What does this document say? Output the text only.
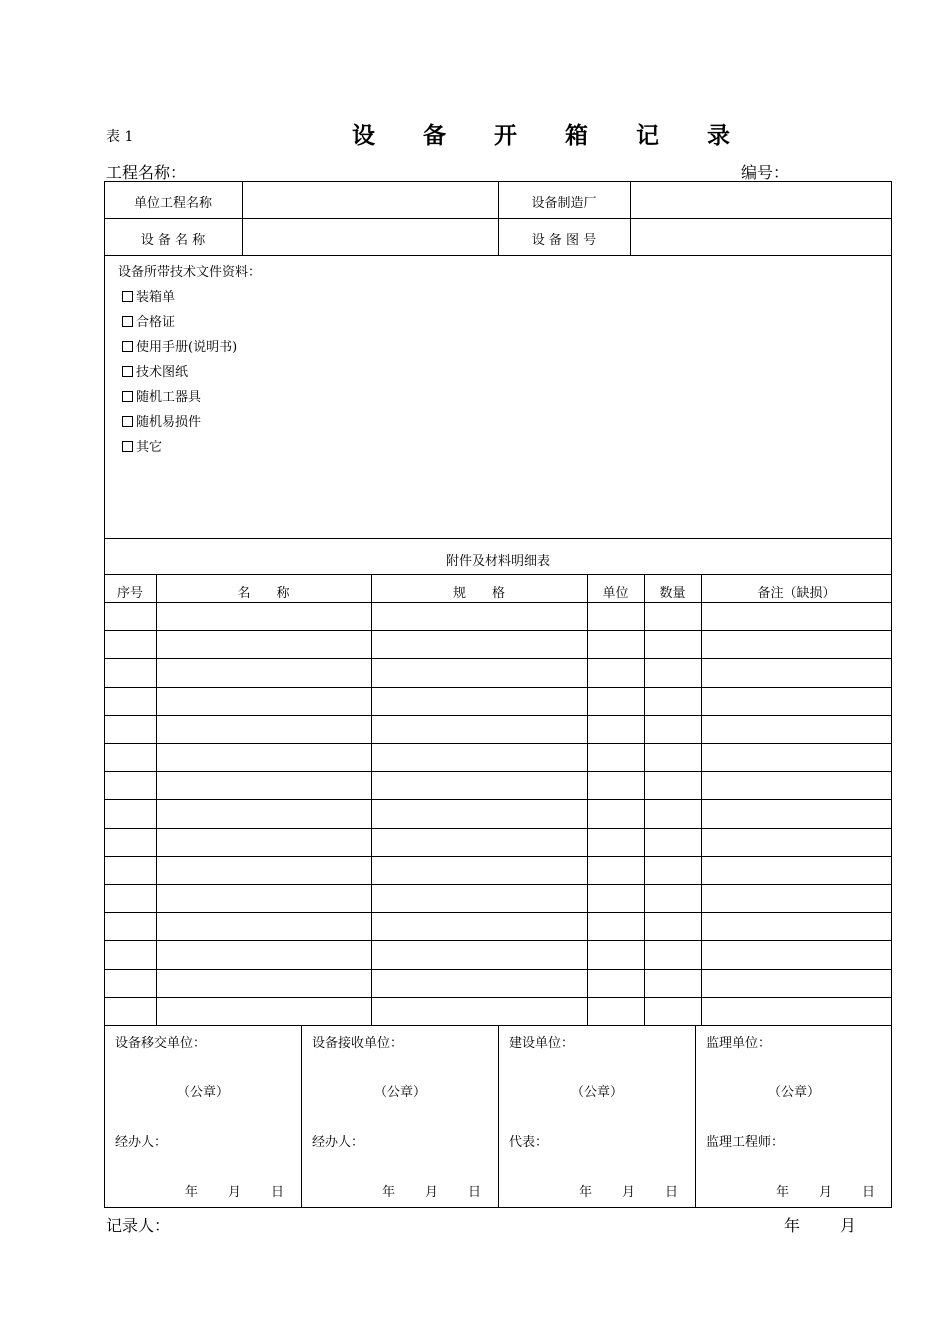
表 1	设 备 开 箱 记 录
工程名称：	编号：
单位工程名称	设备制造厂
设 备 名 称	设 备 图 号
设备所带技术文件资料：
装箱单
合格证
使用手册(说明书)
技术图纸
随机工器具
随机易损件
其它
附件及材料明细表
序号	名　　称	规　　格	单位	数量	备注（缺损）
设备移交单位：
（公章）
经办人：
年 月 日
设备接收单位：
（公章）
经办人：
年 月 日
建设单位：
（公章）
代表：
年 月 日
监理单位：
（公章）
监理工程师：
年 月 日
记录人：	年	月
